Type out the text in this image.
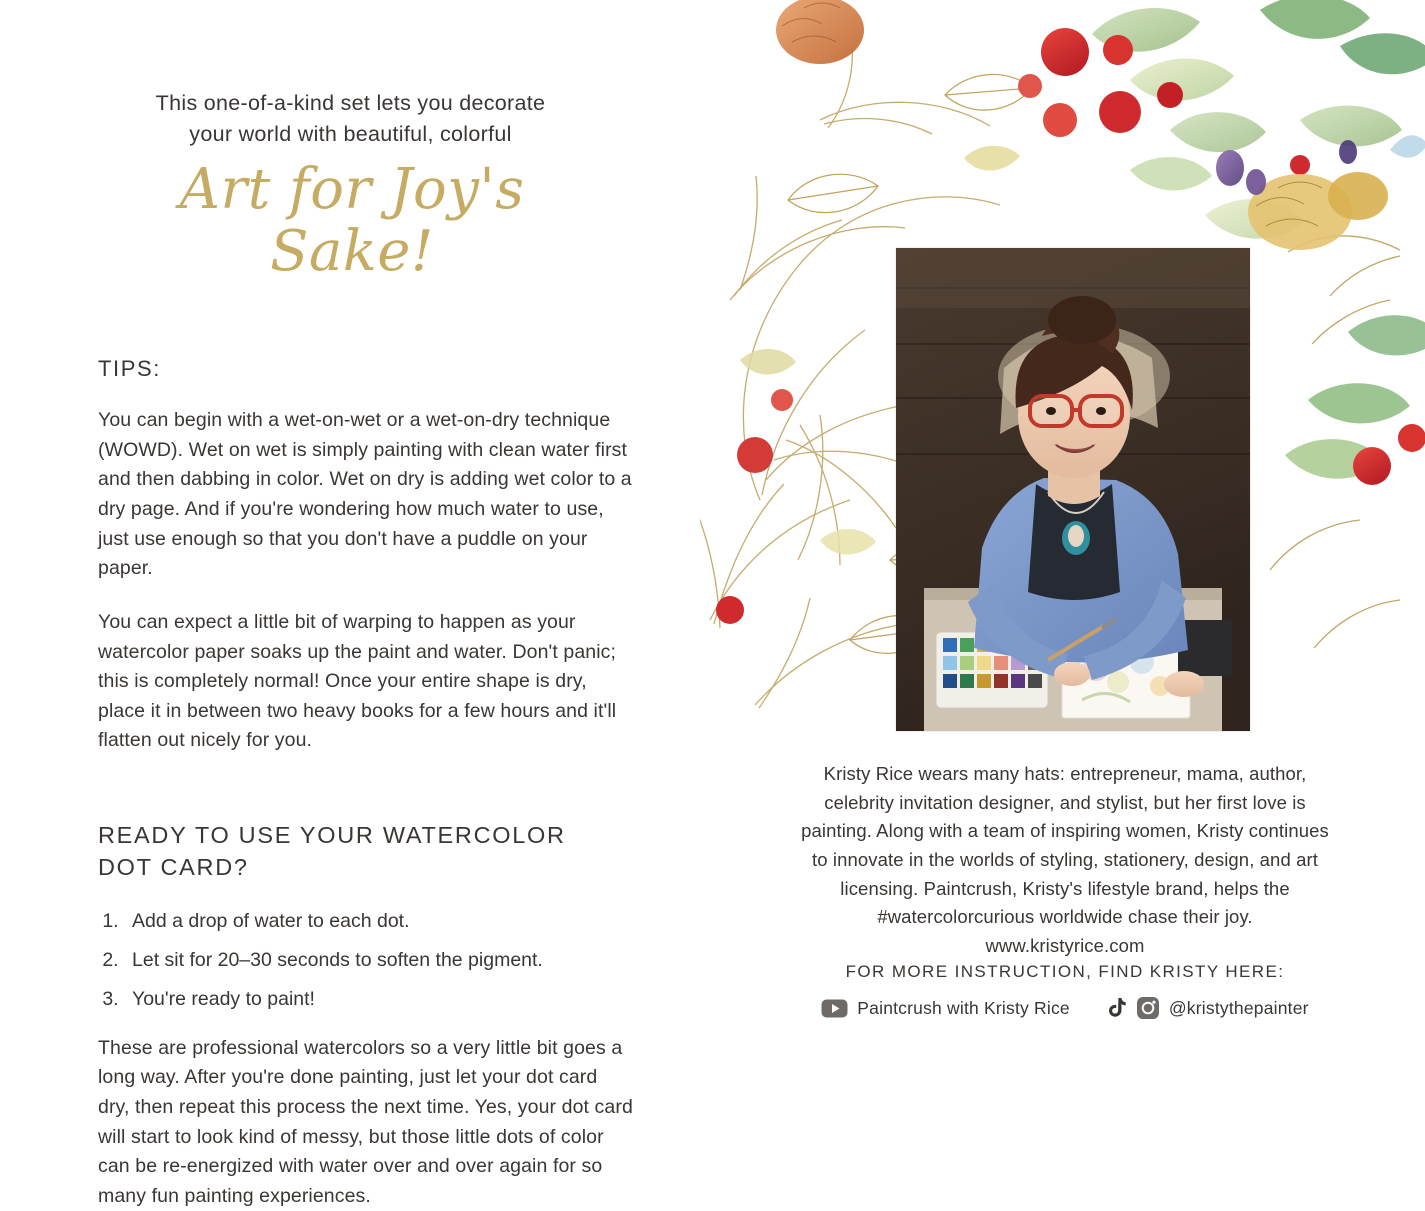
This one-of-a-kind set lets you decorate
your world with beautiful, colorful
Art for Joy's Sake!
TIPS:

You can begin with a wet-on-wet or a wet-on-dry technique (WOWD). Wet on wet is simply painting with clean water first and then dabbing in color. Wet on dry is adding wet color to a dry page. And if you're wondering how much water to use, just use enough so that you don't have a puddle on your paper.

You can expect a little bit of warping to happen as your watercolor paper soaks up the paint and water. Don't panic; this is completely normal! Once your entire shape is dry, place it in between two heavy books for a few hours and it'll flatten out nicely for you.

READY TO USE YOUR WATERCOLOR
DOT CARD?
1. Add a drop of water to each dot.
2. Let sit for 20–30 seconds to soften the pigment.
3. You're ready to paint!

These are professional watercolors so a very little bit goes a long way. After you're done painting, just let your dot card dry, then repeat this process the next time. Yes, your dot card will start to look kind of messy, but those little dots of color can be re-energized with water over and over again for so many fun painting experiences.

Kristy Rice wears many hats: entrepreneur, mama, author, celebrity invitation designer, and stylist, but her first love is painting. Along with a team of inspiring women, Kristy continues to innovate in the worlds of styling, stationery, design, and art licensing. Paintcrush, Kristy's lifestyle brand, helps the #watercolorcurious worldwide chase their joy.
www.kristyrice.com
FOR MORE INSTRUCTION, FIND KRISTY HERE:
Paintcrush with Kristy Rice	@kristythepainter
